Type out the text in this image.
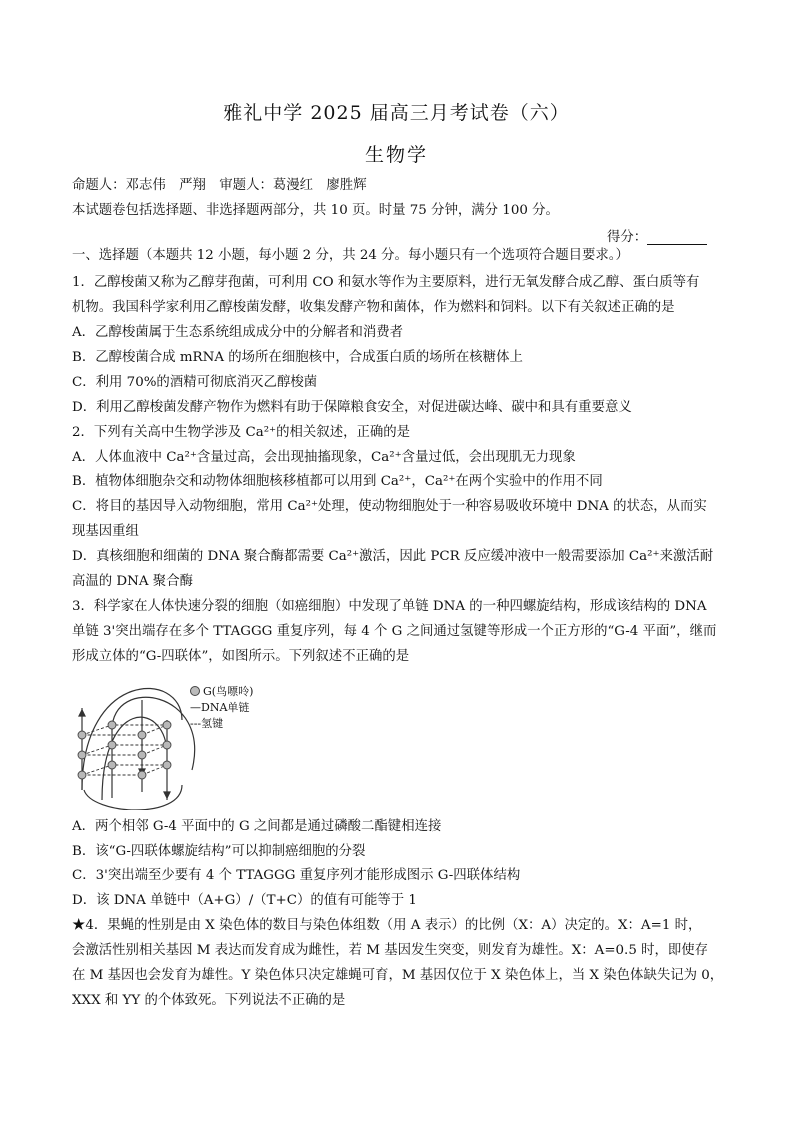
雅礼中学 2025 届高三月考试卷（六）
生物学
命题人：邓志伟　严翔　审题人：葛漫红　廖胜辉
本试题卷包括选择题、非选择题两部分，共 10 页。时量 75 分钟，满分 100 分。
得分：
一、选择题（本题共 12 小题，每小题 2 分，共 24 分。每小题只有一个选项符合题目要求。）
1．乙醇梭菌又称为乙醇芽孢菌，可利用 CO 和氨水等作为主要原料，进行无氧发酵合成乙醇、蛋白质等有
机物。我国科学家利用乙醇梭菌发酵，收集发酵产物和菌体，作为燃料和饲料。以下有关叙述正确的是
A．乙醇梭菌属于生态系统组成成分中的分解者和消费者
B．乙醇梭菌合成 mRNA 的场所在细胞核中，合成蛋白质的场所在核糖体上
C．利用 70%的酒精可彻底消灭乙醇梭菌
D．利用乙醇梭菌发酵产物作为燃料有助于保障粮食安全，对促进碳达峰、碳中和具有重要意义
2．下列有关高中生物学涉及 Ca²⁺的相关叙述，正确的是
A．人体血液中 Ca²⁺含量过高，会出现抽搐现象，Ca²⁺含量过低，会出现肌无力现象
B．植物体细胞杂交和动物体细胞核移植都可以用到 Ca²⁺，Ca²⁺在两个实验中的作用不同
C．将目的基因导入动物细胞，常用 Ca²⁺处理，使动物细胞处于一种容易吸收环境中 DNA 的状态，从而实
现基因重组
D．真核细胞和细菌的 DNA 聚合酶都需要 Ca²⁺激活，因此 PCR 反应缓冲液中一般需要添加 Ca²⁺来激活耐
高温的 DNA 聚合酶
3．科学家在人体快速分裂的细胞（如癌细胞）中发现了单链 DNA 的一种四螺旋结构，形成该结构的 DNA
单链 3'突出端存在多个 TTAGGG 重复序列，每 4 个 G 之间通过氢键等形成一个正方形的“G-4 平面”，继而
形成立体的“G-四联体”，如图所示。下列叙述不正确的是
G(鸟嘌呤)
—DNA单链
---氢键
A．两个相邻 G-4 平面中的 G 之间都是通过磷酸二酯键相连接
B．该“G-四联体螺旋结构”可以抑制癌细胞的分裂
C．3'突出端至少要有 4 个 TTAGGG 重复序列才能形成图示 G-四联体结构
D．该 DNA 单链中（A+G）/（T+C）的值有可能等于 1
★4．果蝇的性别是由 X 染色体的数目与染色体组数（用 A 表示）的比例（X：A）决定的。X：A=1 时，
会激活性别相关基因 M 表达而发育成为雌性，若 M 基因发生突变，则发育为雄性。X：A=0.5 时，即使存
在 M 基因也会发育为雄性。Y 染色体只决定雄蝇可育，M 基因仅位于 X 染色体上，当 X 染色体缺失记为 0，
XXX 和 YY 的个体致死。下列说法不正确的是
